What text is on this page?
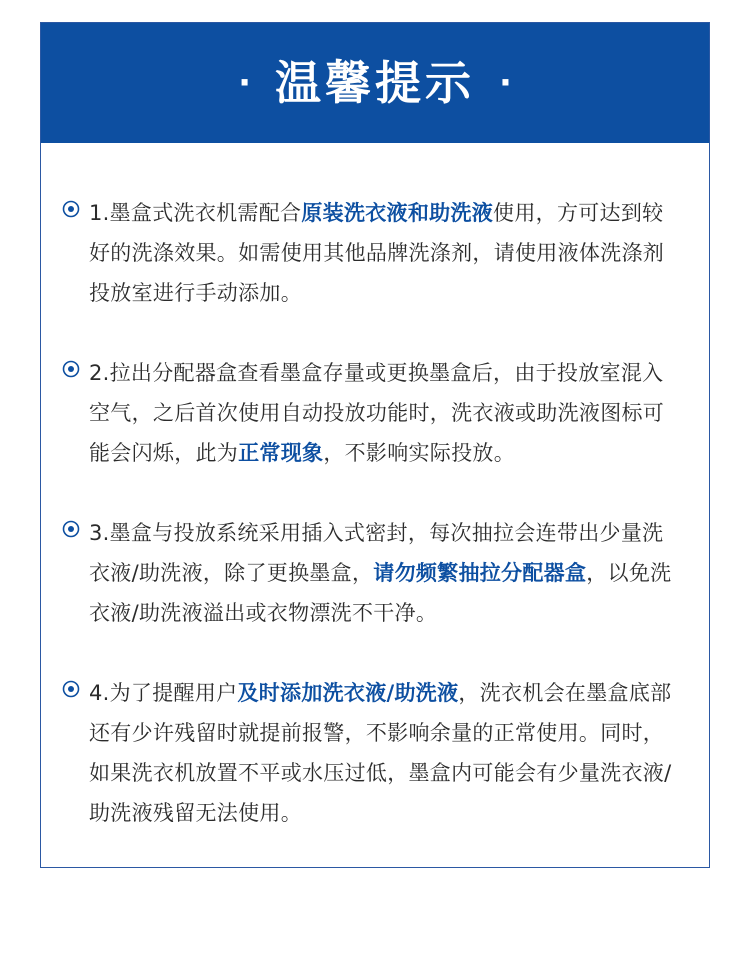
· 温馨提示 ·
1.墨盒式洗衣机需配合原装洗衣液和助洗液使用，方可达到较好的洗涤效果。如需使用其他品牌洗涤剂，请使用液体洗涤剂投放室进行手动添加。
2.拉出分配器盒查看墨盒存量或更换墨盒后，由于投放室混入空气，之后首次使用自动投放功能时，洗衣液或助洗液图标可能会闪烁，此为正常现象，不影响实际投放。
3.墨盒与投放系统采用插入式密封，每次抽拉会连带出少量洗衣液/助洗液，除了更换墨盒，请勿频繁抽拉分配器盒，以免洗衣液/助洗液溢出或衣物漂洗不干净。
4.为了提醒用户及时添加洗衣液/助洗液，洗衣机会在墨盒底部还有少许残留时就提前报警，不影响余量的正常使用。同时，如果洗衣机放置不平或水压过低，墨盒内可能会有少量洗衣液/助洗液残留无法使用。
